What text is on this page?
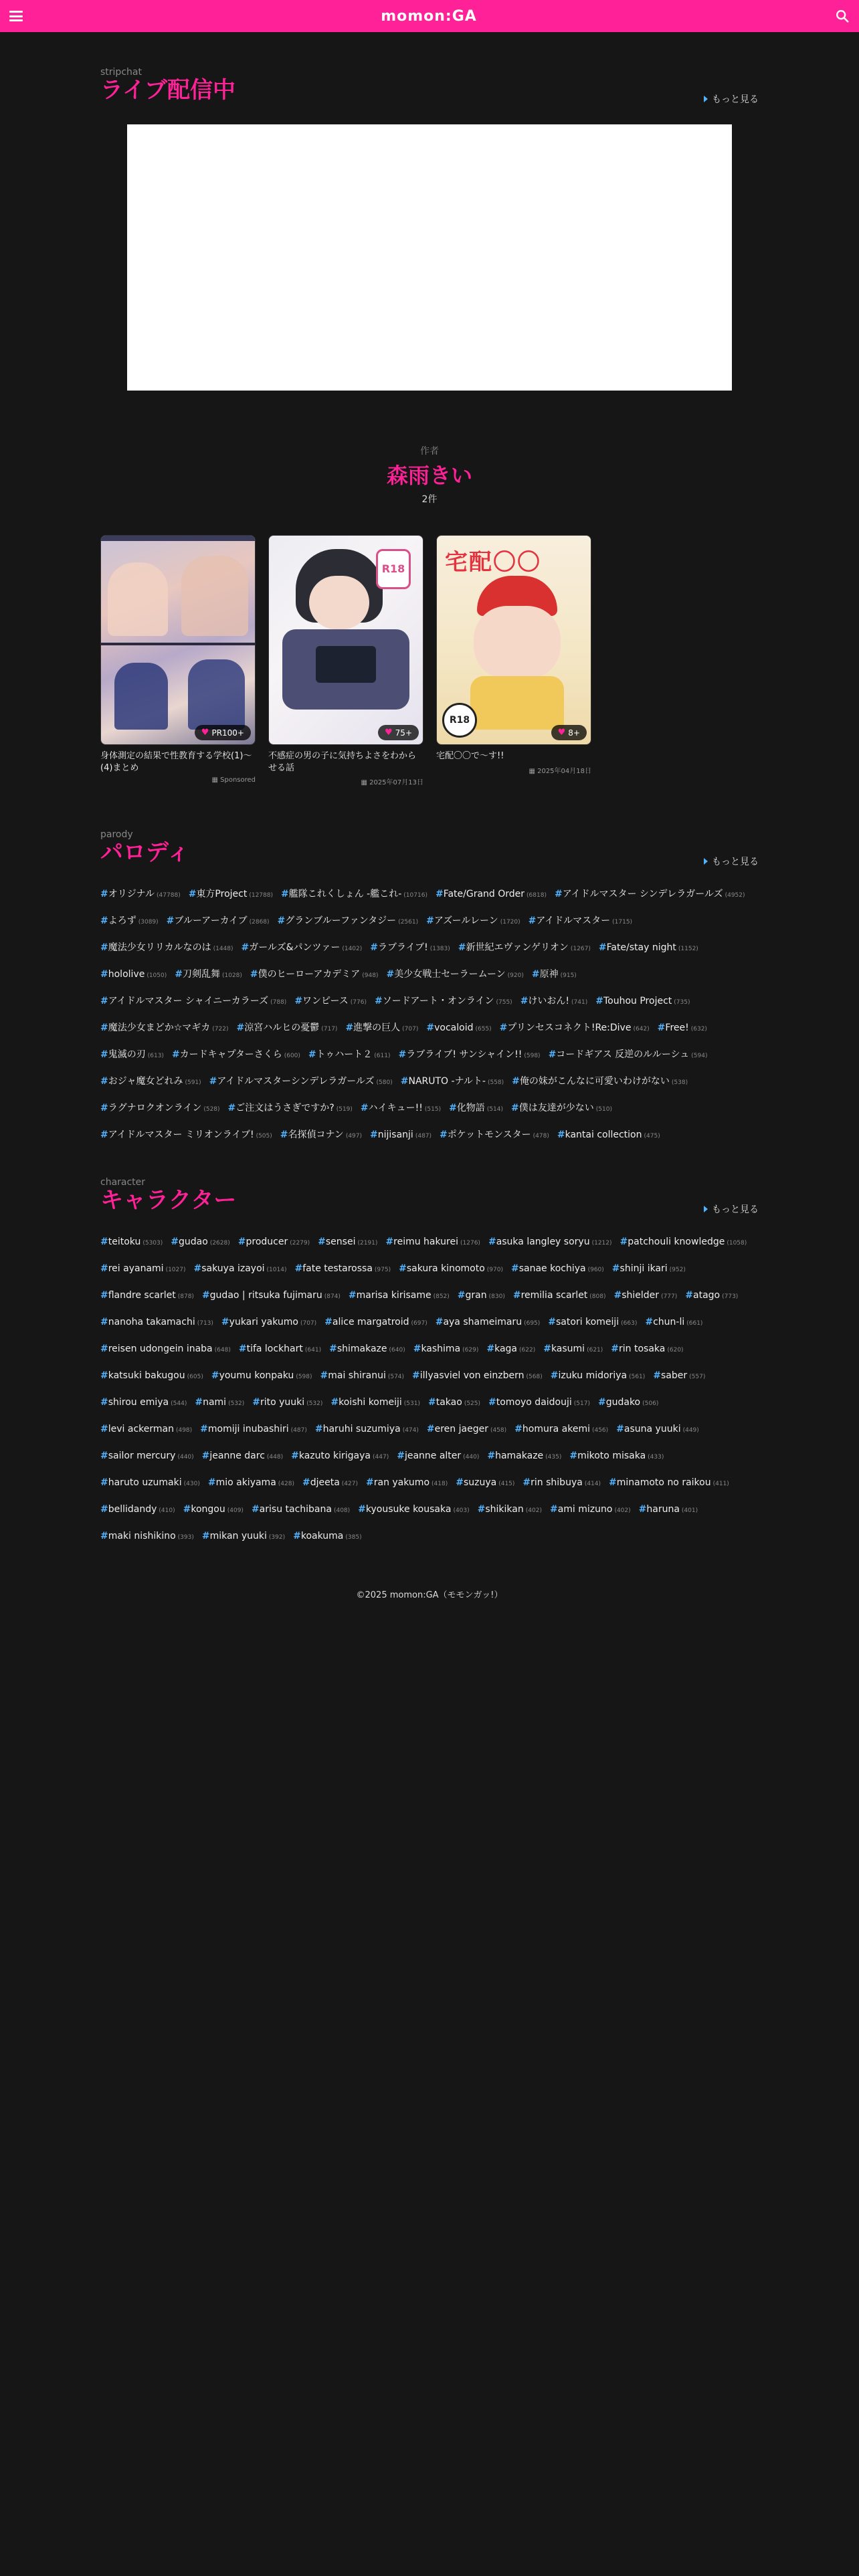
momon:GA
stripchat
ライブ配信中	もっと見る
作者
森雨きい
2件
♥ PR100+
身体測定の結果で性教育する学校(1)〜(4)まとめ
▦ Sponsored
R18
♥ 75+
不感症の男の子に気持ちよさをわからせる話
▦ 2025年07月13日
宅配〇〇
R18
♥ 8+
宅配〇〇で〜す!!
▦ 2025年04月18日
parody
パロディ	もっと見る
#オリジナル (47788) #東方Project (12788) #艦隊これくしょん -艦これ- (10716) #Fate/Grand Order (6818) #アイドルマスター シンデレラガールズ (4952)#よろず (3089) #ブルーアーカイブ (2868) #グランブルーファンタジー (2561) #アズールレーン (1720) #アイドルマスター (1715)#魔法少女リリカルなのは (1448) #ガールズ&パンツァー (1402) #ラブライブ! (1383) #新世紀エヴァンゲリオン (1267) #Fate/stay night (1152)#hololive (1050) #刀剣乱舞 (1028) #僕のヒーローアカデミア (948) #美少女戦士セーラームーン (920) #原神 (915)#アイドルマスター シャイニーカラーズ (788) #ワンピース (776) #ソードアート・オンライン (755) #けいおん! (741) #Touhou Project (735)#魔法少女まどか☆マギカ (722) #涼宮ハルヒの憂鬱 (717) #進撃の巨人 (707) #vocaloid (655) #プリンセスコネクト!Re:Dive (642) #Free! (632)#鬼滅の刃 (613) #カードキャプターさくら (600) #トゥハート２ (611) #ラブライブ! サンシャイン!! (598) #コードギアス 反逆のルルーシュ (594)#おジャ魔女どれみ (591) #アイドルマスターシンデレラガールズ (580) #NARUTO -ナルト- (558) #俺の妹がこんなに可愛いわけがない (538)#ラグナロクオンライン (528) #ご注文はうさぎですか? (519) #ハイキュー!! (515) #化物語 (514) #僕は友達が少ない (510)#アイドルマスター ミリオンライブ! (505) #名探偵コナン (497) #nijisanji (487) #ポケットモンスター (478) #kantai collection (475)
character
キャラクター	もっと見る
#teitoku (5303) #gudao (2628) #producer (2279) #sensei (2191) #reimu hakurei (1276) #asuka langley soryu (1212) #patchouli knowledge (1058)#rei ayanami (1027) #sakuya izayoi (1014) #fate testarossa (975) #sakura kinomoto (970) #sanae kochiya (960) #shinji ikari (952)#flandre scarlet (878) #gudao | ritsuka fujimaru (874) #marisa kirisame (852) #gran (830) #remilia scarlet (808) #shielder (777) #atago (773)#nanoha takamachi (713) #yukari yakumo (707) #alice margatroid (697) #aya shameimaru (695) #satori komeiji (663) #chun-li (661)#reisen udongein inaba (648) #tifa lockhart (641) #shimakaze (640) #kashima (629) #kaga (622) #kasumi (621) #rin tosaka (620)#katsuki bakugou (605) #youmu konpaku (598) #mai shiranui (574) #illyasviel von einzbern (568) #izuku midoriya (561) #saber (557)#shirou emiya (544) #nami (532) #rito yuuki (532) #koishi komeiji (531) #takao (525) #tomoyo daidouji (517) #gudako (506)#levi ackerman (498) #momiji inubashiri (487) #haruhi suzumiya (474) #eren jaeger (458) #homura akemi (456) #asuna yuuki (449)#sailor mercury (440) #jeanne darc (448) #kazuto kirigaya (447) #jeanne alter (440) #hamakaze (435) #mikoto misaka (433)#haruto uzumaki (430) #mio akiyama (428) #djeeta (427) #ran yakumo (418) #suzuya (415) #rin shibuya (414) #minamoto no raikou (411)#bellidandy (410) #kongou (409) #arisu tachibana (408) #kyousuke kousaka (403) #shikikan (402) #ami mizuno (402) #haruna (401)#maki nishikino (393) #mikan yuuki (392) #koakuma (385)
©2025 momon:GA（モモンガッ!）
